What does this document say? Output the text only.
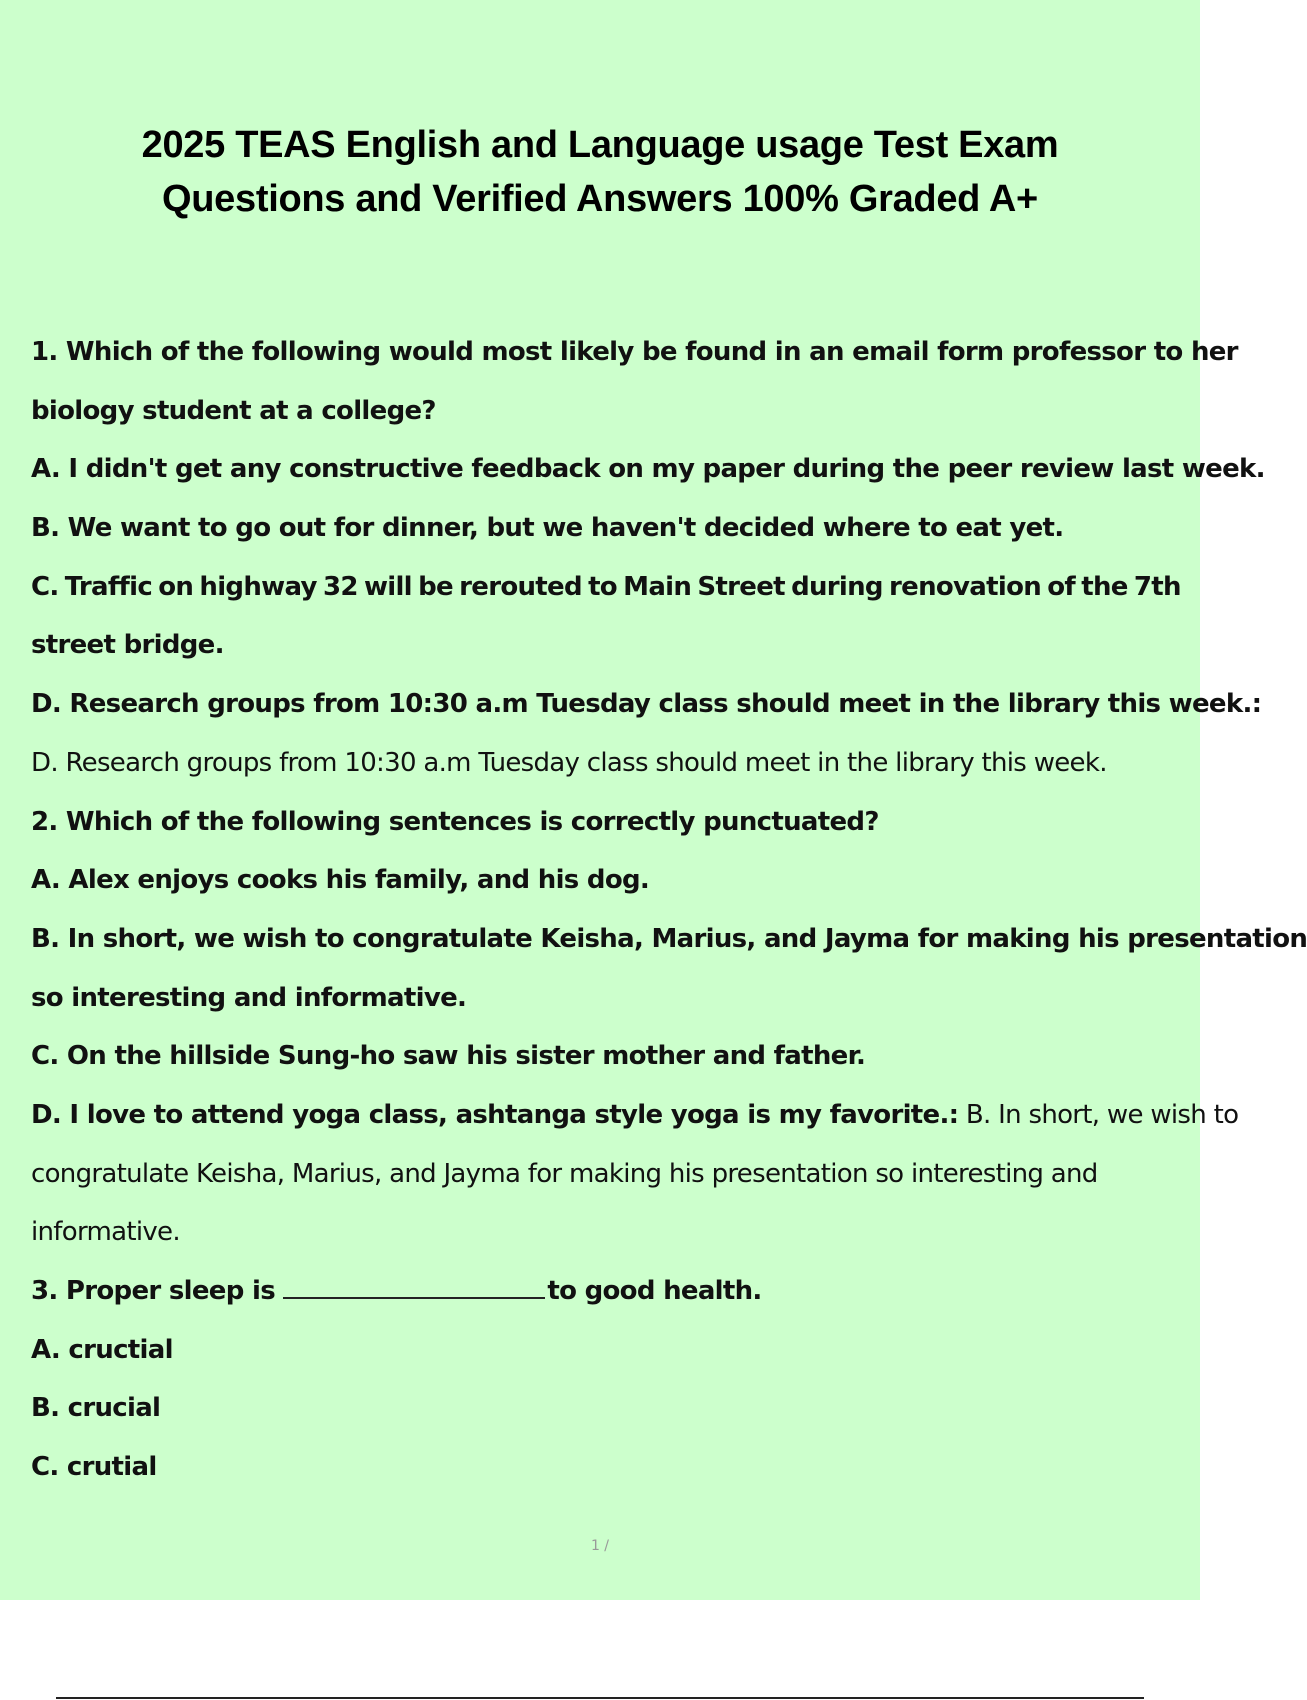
2025 TEAS English and Language usage Test Exam
Questions and Verified Answers 100% Graded A+
1. Which of the following would most likely be found in an email form professor to her
biology student at a college?
A. I didn't get any constructive feedback on my paper during the peer review last week.
B. We want to go out for dinner, but we haven't decided where to eat yet.
C. Traffic on highway 32 will be rerouted to Main Street during renovation of the 7th
street bridge.
D. Research groups from 10:30 a.m Tuesday class should meet in the library this week.:
D. Research groups from 10:30 a.m Tuesday class should meet in the library this week.
2. Which of the following sentences is correctly punctuated?
A. Alex enjoys cooks his family, and his dog.
B. In short, we wish to congratulate Keisha, Marius, and Jayma for making his presentation
so interesting and informative.
C. On the hillside Sung-ho saw his sister mother and father.
D. I love to attend yoga class, ashtanga style yoga is my favorite.: B. In short, we wish to
congratulate Keisha, Marius, and Jayma for making his presentation so interesting and
informative.
3. Proper sleep is	to good health.
A. cructial
B. crucial
C. crutial
1 /
